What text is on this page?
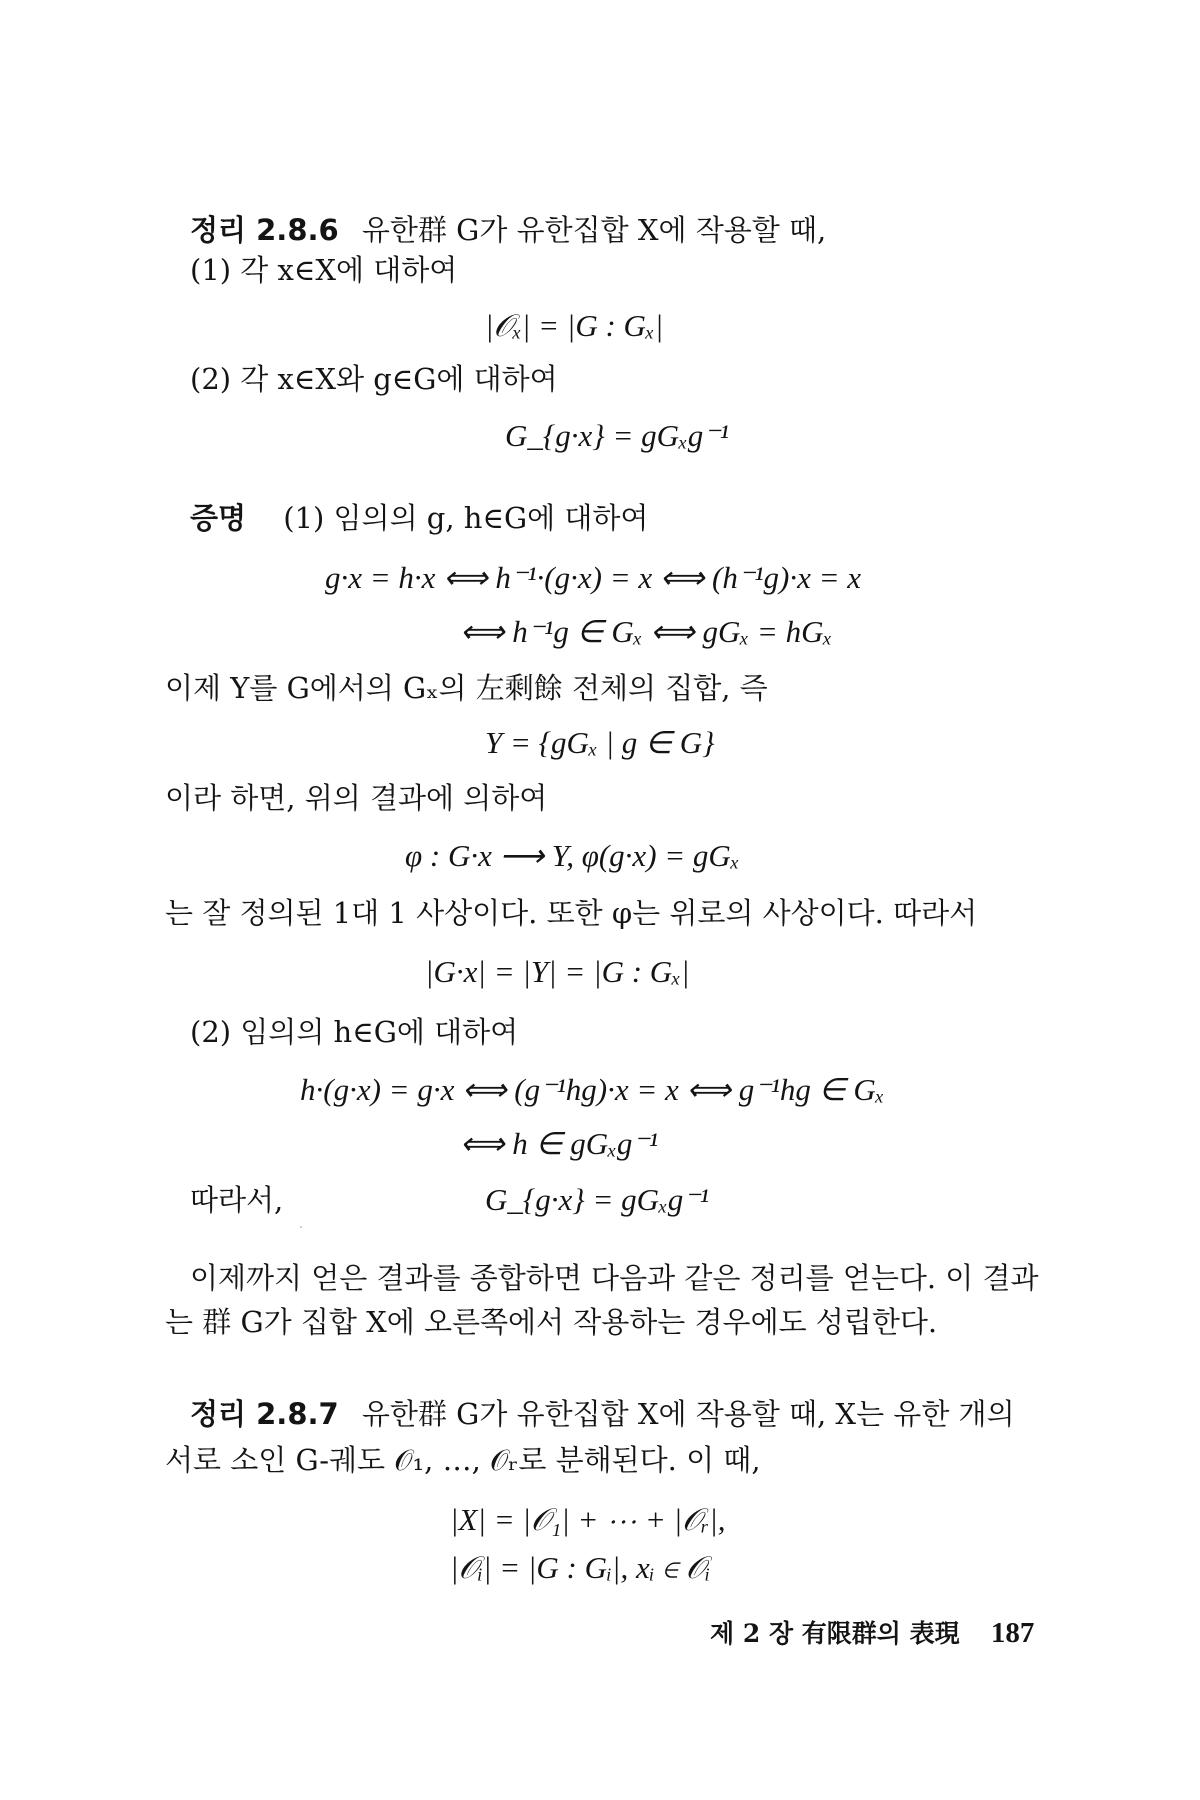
정리 2.8.6 유한群 G가 유한집합 X에 작용할 때,
(1) 각 x∈X에 대하여
|𝒪ₓ| = |G : Gₓ|
(2) 각 x∈X와 g∈G에 대하여
G_{g·x} = gGₓg⁻¹
증명 (1) 임의의 g, h∈G에 대하여
g·x = h·x ⟺ h⁻¹·(g·x) = x ⟺ (h⁻¹g)·x = x
⟺ h⁻¹g ∈ Gₓ ⟺ gGₓ = hGₓ
이제 Y를 G에서의 Gₓ의 左剩餘 전체의 집합, 즉
Y = {gGₓ | g ∈ G}
이라 하면, 위의 결과에 의하여
φ : G·x ⟶ Y, φ(g·x) = gGₓ
는 잘 정의된 1대 1 사상이다. 또한 φ는 위로의 사상이다. 따라서
|G·x| = |Y| = |G : Gₓ|
(2) 임의의 h∈G에 대하여
h·(g·x) = g·x ⟺ (g⁻¹hg)·x = x ⟺ g⁻¹hg ∈ Gₓ
⟺ h ∈ gGₓg⁻¹
따라서,	G_{g·x} = gGₓg⁻¹
이제까지 얻은 결과를 종합하면 다음과 같은 정리를 얻는다. 이 결과
는 群 G가 집합 X에 오른쪽에서 작용하는 경우에도 성립한다.
정리 2.8.7 유한群 G가 유한집합 X에 작용할 때, X는 유한 개의
서로 소인 G-궤도 𝒪₁, …, 𝒪ᵣ로 분해된다. 이 때,
|X| = |𝒪₁| + ⋯ + |𝒪ᵣ|,
|𝒪ᵢ| = |G : Gᵢ|, xᵢ ∈ 𝒪ᵢ
제 2 장 有限群의 表現 187
